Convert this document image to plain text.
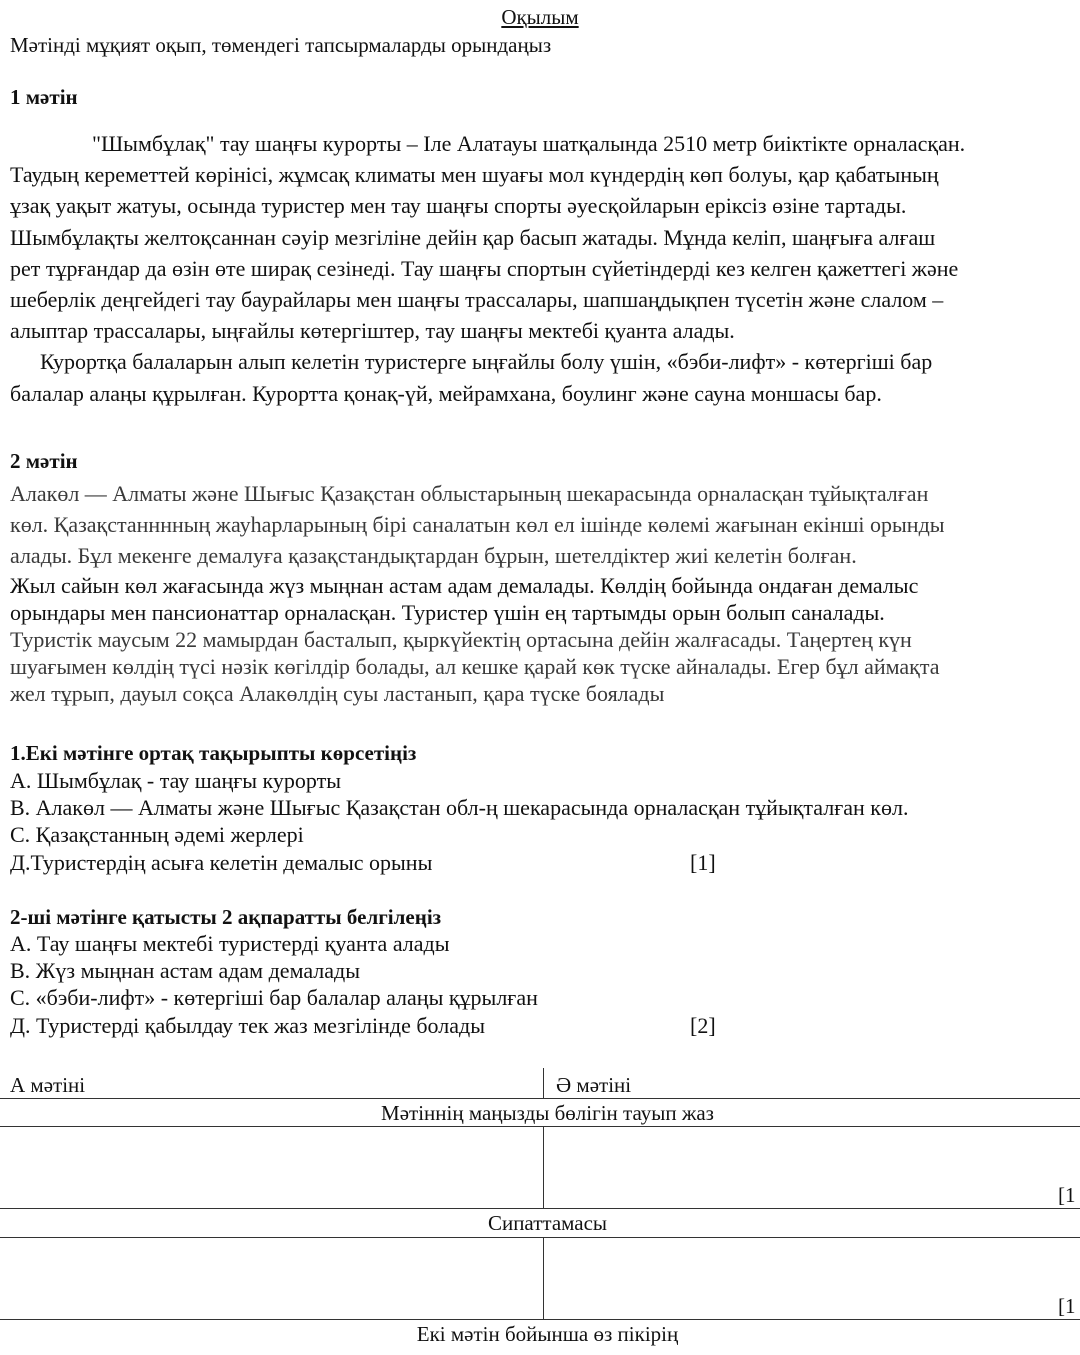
Оқылым
Мәтінді мұқият оқып, төмендегі тапсырмаларды орындаңыз
1 мәтін
"Шымбұлақ" тау шаңғы курорты – Іле Алатауы шатқалында 2510 метр биіктікте орналасқан.
Таудың кереметтей көрінісі, жұмсақ климаты мен шуағы мол күндердің көп болуы, қар қабатының
ұзақ уақыт жатуы, осында туристер мен тау шаңғы спорты әуесқойларын еріксіз өзіне тартады.
Шымбұлақты желтоқсаннан сәуір мезгіліне дейін қар басып жатады. Мұнда келіп, шаңғыға алғаш
рет тұрғандар да өзін өте ширақ сезінеді. Тау шаңғы спортын сүйетіндерді кез келген қажеттегі және
шеберлік деңгейдегі тау баурайлары мен шаңғы трассалары, шапшаңдықпен түсетін және слалом –
алыптар трассалары, ыңғайлы көтергіштер, тау шаңғы мектебі қуанта алады.
Курортқа балаларын алып келетін туристерге ыңғайлы болу үшін, «бэби-лифт» - көтергіші бар
балалар алаңы құрылған. Курортта қонақ-үй, мейрамхана, боулинг және сауна моншасы бар.
2 мәтін
Алакөл — Алматы және Шығыс Қазақстан облыстарының шекарасында орналасқан тұйықталған
көл. Қазақстанннның жауһарларының бірі саналатын көл ел ішінде көлемі жағынан екінші орынды
алады. Бұл мекенге демалуға қазақстандықтардан бұрын, шетелдіктер жиі келетін болған.
Жыл сайын көл жағасында жүз мыңнан астам адам демалады. Көлдің бойында ондаған демалыс
орындары мен пансионаттар орналасқан. Туристер үшін ең тартымды орын болып саналады.
Туристік маусым 22 мамырдан басталып, қыркүйектің ортасына дейін жалғасады. Таңертең күн
шуағымен көлдің түсі нәзік көгілдір болады, ал кешке қарай көк түске айналады. Егер бұл аймақта
жел тұрып, дауыл соқса Алакөлдің суы ластанып, қара түске боялады
1.Екі мәтінге ортақ тақырыпты көрсетіңіз
А. Шымбұлақ - тау шаңғы курорты
В. Алакөл — Алматы және Шығыс Қазақстан обл-ң шекарасында орналасқан тұйықталған көл.
С. Қазақстанның әдемі жерлері
Д.Туристердің асыға келетін демалыс орыны	[1]
2-ші мәтінге қатысты 2 ақпаратты белгілеңіз
А. Тау шаңғы мектебі туристерді қуанта алады
В. Жүз мыңнан астам адам демалады
С. «бэби-лифт» - көтергіші бар балалар алаңы құрылған
Д. Туристерді қабылдау тек жаз мезгілінде болады	[2]
А мәтіні	Ә мәтіні
Мәтіннің маңызды бөлігін тауып жаз
[1
Сипаттамасы
[1
Екі мәтін бойынша өз пікірің
